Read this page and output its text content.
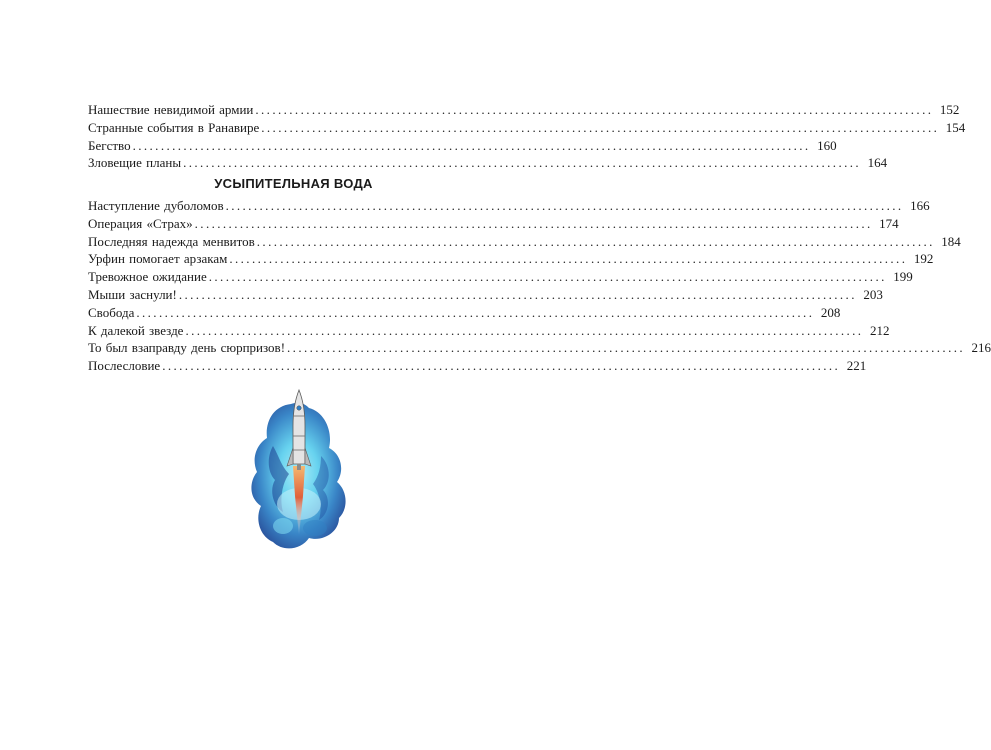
Нашествие невидимой армии ........................................................................................................................ 152
Странные события в Ранавире ........................................................................................................................ 154
Бегство ........................................................................................................................ 160
Зловещие планы ........................................................................................................................ 164
УСЫПИТЕЛЬНАЯ ВОДА
Наступление дуболомов ........................................................................................................................ 166
Операция «Страх» ........................................................................................................................ 174
Последняя надежда менвитов ........................................................................................................................ 184
Урфин помогает арзакам ........................................................................................................................ 192
Тревожное ожидание ........................................................................................................................ 199
Мыши заснули! ........................................................................................................................ 203
Свобода ........................................................................................................................ 208
К далекой звезде ........................................................................................................................ 212
То был взаправду день сюрпризов! ........................................................................................................................ 216
Послесловие ........................................................................................................................ 221
